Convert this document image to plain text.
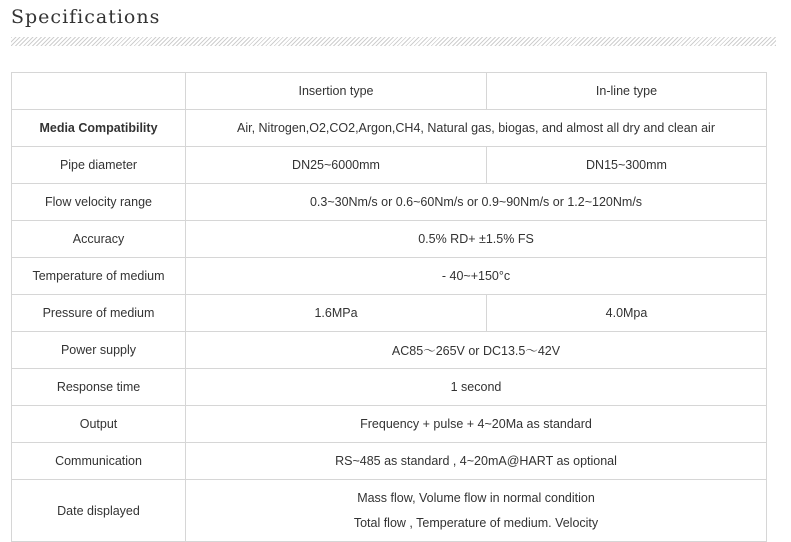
Specifications
	Insertion type	In-line type
Media Compatibility	Air, Nitrogen,O2,CO2,Argon,CH4, Natural gas, biogas, and almost all dry and clean air	
Pipe diameter	DN25~6000mm	DN15~300mm
Flow velocity range	0.3~30Nm/s or 0.6~60Nm/s or 0.9~90Nm/s or 1.2~120Nm/s	
Accuracy	0.5% RD+ ±1.5% FS	
Temperature of medium	- 40~+150°c	
Pressure of medium	1.6MPa	4.0Mpa
Power supply	AC85～265V or DC13.5～42V	
Response time	1 second	
Output	Frequency + pulse + 4~20Ma as standard	
Communication	RS~485 as standard , 4~20mA@HART as optional	
Date displayed	Mass flow, Volume flow in normal condition
Total flow , Temperature of medium. Velocity	
